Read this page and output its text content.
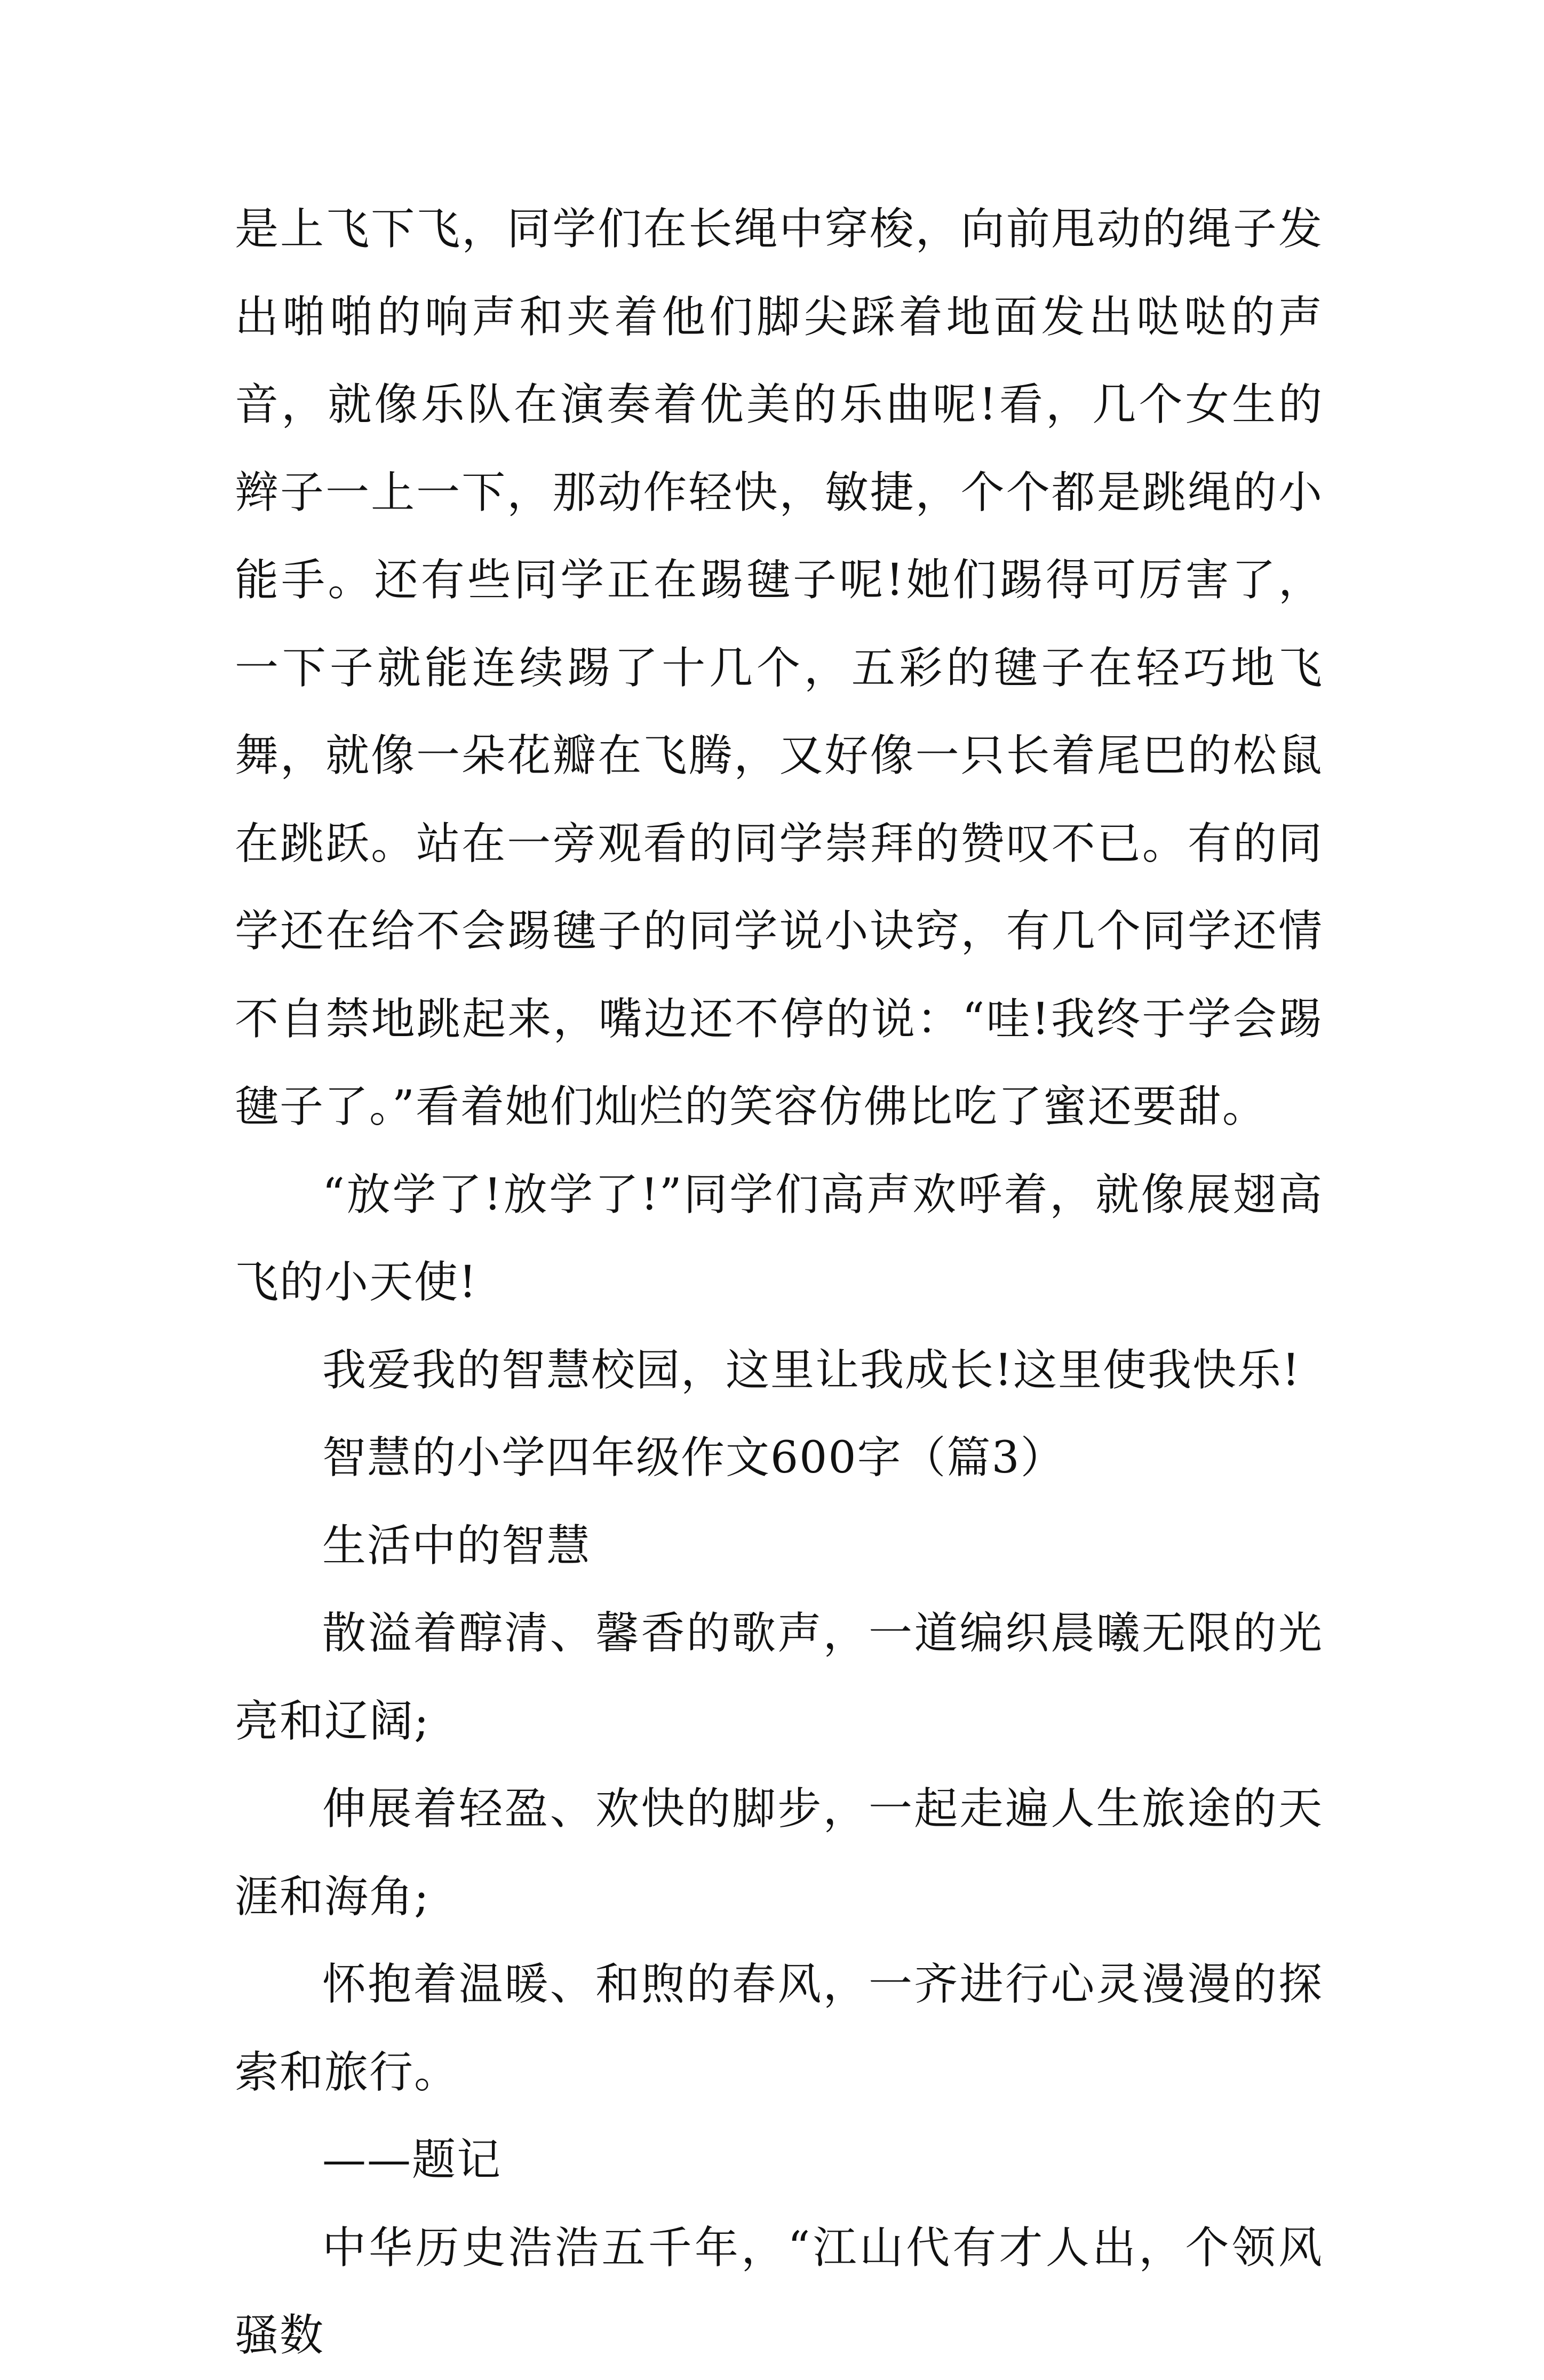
是上飞下飞，同学们在长绳中穿梭，向前甩动的绳子发出啪啪的响声和夹着他们脚尖踩着地面发出哒哒的声音，就像乐队在演奏着优美的乐曲呢!看，几个女生的辫子一上一下，那动作轻快，敏捷，个个都是跳绳的小能手。还有些同学正在踢毽子呢!她们踢得可厉害了，一下子就能连续踢了十几个，五彩的毽子在轻巧地飞舞，就像一朵花瓣在飞腾，又好像一只长着尾巴的松鼠在跳跃。站在一旁观看的同学崇拜的赞叹不已。有的同学还在给不会踢毽子的同学说小诀窍，有几个同学还情不自禁地跳起来，嘴边还不停的说：“哇!我终于学会踢毽子了。”看着她们灿烂的笑容仿佛比吃了蜜还要甜。

“放学了!放学了!”同学们高声欢呼着，就像展翅高飞的小天使!

我爱我的智慧校园，这里让我成长!这里使我快乐!

智慧的小学四年级作文600字（篇3）

生活中的智慧

散溢着醇清、馨香的歌声，一道编织晨曦无限的光亮和辽阔;

伸展着轻盈、欢快的脚步，一起走遍人生旅途的天涯和海角;

怀抱着温暖、和煦的春风，一齐进行心灵漫漫的探索和旅行。

——题记

中华历史浩浩五千年，“江山代有才人出，个领风骚数
